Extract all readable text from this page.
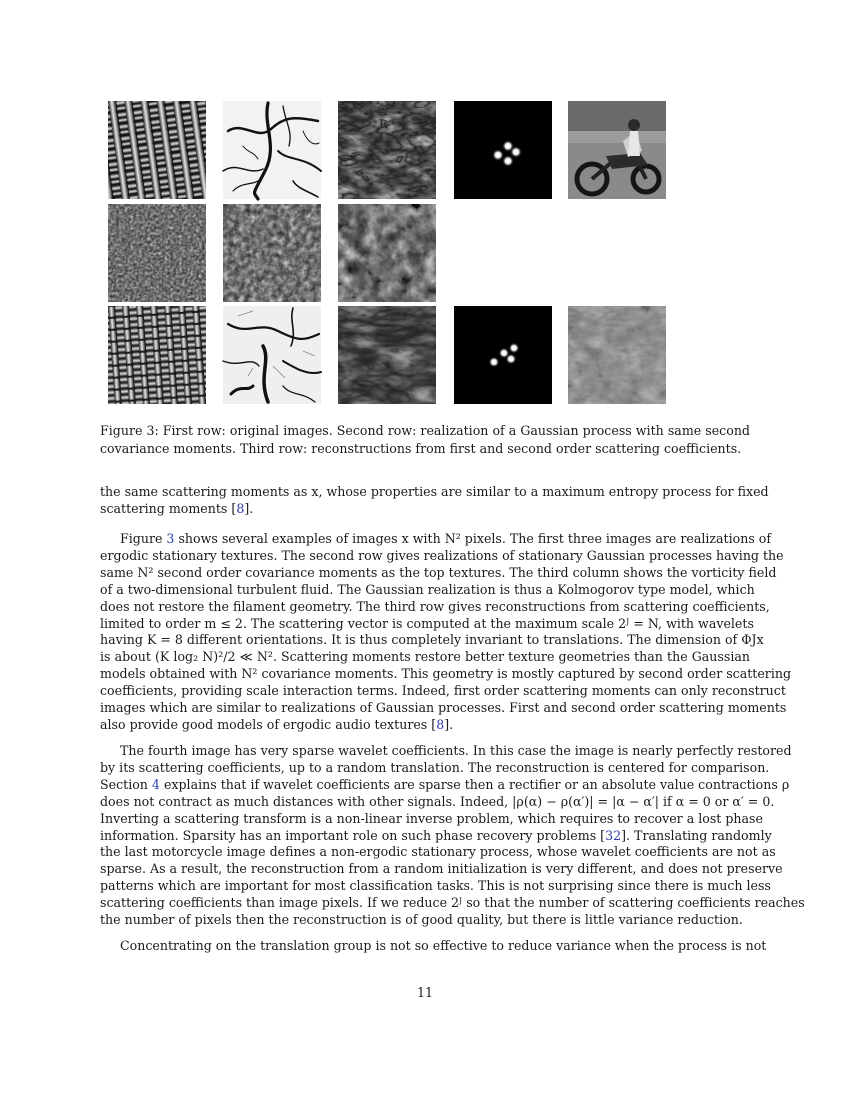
Figure 3: First row: original images. Second row: realization of a Gaussian process with same second
covariance moments. Third row: reconstructions from first and second order scattering coefficients.

the same scattering moments as x, whose properties are similar to a maximum entropy process for fixed
scattering moments [8].
Figure 3 shows several examples of images x with N² pixels. The first three images are realizations of
ergodic stationary textures. The second row gives realizations of stationary Gaussian processes having the
same N² second order covariance moments as the top textures. The third column shows the vorticity field
of a two-dimensional turbulent fluid. The Gaussian realization is thus a Kolmogorov type model, which
does not restore the filament geometry. The third row gives reconstructions from scattering coefficients,
limited to order m ≤ 2. The scattering vector is computed at the maximum scale 2ᴶ = N, with wavelets
having K = 8 different orientations. It is thus completely invariant to translations. The dimension of ΦJx
is about (K log₂ N)²/2 ≪ N². Scattering moments restore better texture geometries than the Gaussian
models obtained with N² covariance moments. This geometry is mostly captured by second order scattering
coefficients, providing scale interaction terms. Indeed, first order scattering moments can only reconstruct
images which are similar to realizations of Gaussian processes. First and second order scattering moments
also provide good models of ergodic audio textures [8].
The fourth image has very sparse wavelet coefficients. In this case the image is nearly perfectly restored
by its scattering coefficients, up to a random translation. The reconstruction is centered for comparison.
Section 4 explains that if wavelet coefficients are sparse then a rectifier or an absolute value contractions ρ
does not contract as much distances with other signals. Indeed, |ρ(α) − ρ(α′)| = |α − α′| if α = 0 or α′ = 0.
Inverting a scattering transform is a non-linear inverse problem, which requires to recover a lost phase
information. Sparsity has an important role on such phase recovery problems [32]. Translating randomly
the last motorcycle image defines a non-ergodic stationary process, whose wavelet coefficients are not as
sparse. As a result, the reconstruction from a random initialization is very different, and does not preserve
patterns which are important for most classification tasks. This is not surprising since there is much less
scattering coefficients than image pixels. If we reduce 2ᴶ so that the number of scattering coefficients reaches
the number of pixels then the reconstruction is of good quality, but there is little variance reduction.
Concentrating on the translation group is not so effective to reduce variance when the process is not
11
